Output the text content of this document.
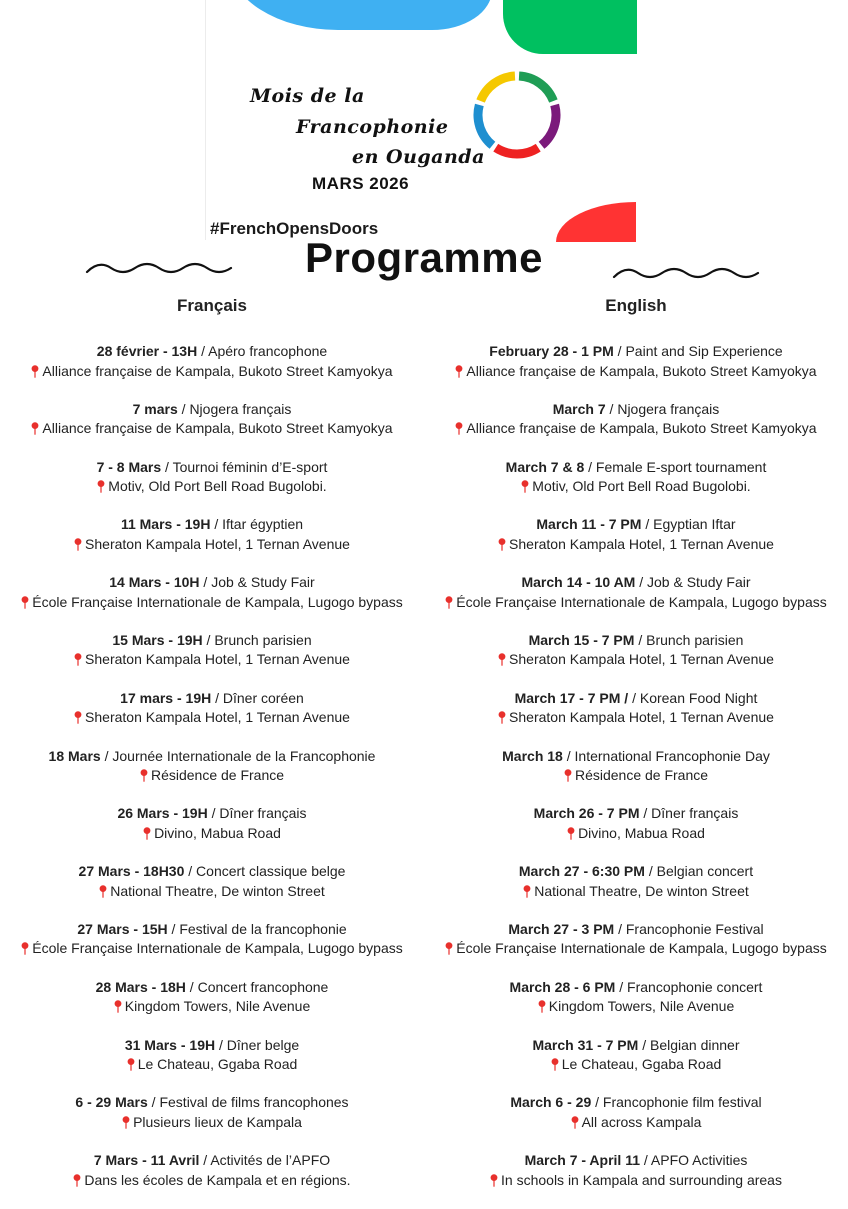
Mois de la
Francophonie
en Ouganda
MARS 2026
#FrenchOpensDoors
Programme
Français	English
28 février - 13H / Apéro francophone
Alliance française de Kampala, Bukoto Street Kamyokya
7 mars / Njogera français
Alliance française de Kampala, Bukoto Street Kamyokya
7 - 8 Mars / Tournoi féminin d’E-sport
Motiv, Old Port Bell Road Bugolobi.
11 Mars - 19H / Iftar égyptien
Sheraton Kampala Hotel, 1 Ternan Avenue
14 Mars - 10H / Job & Study Fair
École Française Internationale de Kampala, Lugogo bypass
15 Mars - 19H / Brunch parisien
Sheraton Kampala Hotel, 1 Ternan Avenue
17 mars - 19H / Dîner coréen
Sheraton Kampala Hotel, 1 Ternan Avenue
18 Mars / Journée Internationale de la Francophonie
Résidence de France
26 Mars - 19H / Dîner français
Divino, Mabua Road
27 Mars - 18H30 / Concert classique belge
National Theatre, De winton Street
27 Mars - 15H / Festival de la francophonie
École Française Internationale de Kampala, Lugogo bypass
28 Mars - 18H / Concert francophone
Kingdom Towers, Nile Avenue
31 Mars - 19H / Dîner belge
Le Chateau, Ggaba Road
6 - 29 Mars / Festival de films francophones
Plusieurs lieux de Kampala
7 Mars - 11 Avril / Activités de l’APFO
Dans les écoles de Kampala et en régions.
February 28 - 1 PM / Paint and Sip Experience
Alliance française de Kampala, Bukoto Street Kamyokya
March 7 / Njogera français
Alliance française de Kampala, Bukoto Street Kamyokya
March 7 & 8 / Female E-sport tournament
Motiv, Old Port Bell Road Bugolobi.
March 11 - 7 PM / Egyptian Iftar
Sheraton Kampala Hotel, 1 Ternan Avenue
March 14 - 10 AM / Job & Study Fair
École Française Internationale de Kampala, Lugogo bypass
March 15 - 7 PM / Brunch parisien
Sheraton Kampala Hotel, 1 Ternan Avenue
March 17 - 7 PM / / Korean Food Night
Sheraton Kampala Hotel, 1 Ternan Avenue
March 18 / International Francophonie Day
Résidence de France
March 26 - 7 PM / Dîner français
Divino, Mabua Road
March 27 - 6:30 PM / Belgian concert
National Theatre, De winton Street
March 27 - 3 PM / Francophonie Festival
École Française Internationale de Kampala, Lugogo bypass
March 28 - 6 PM / Francophonie concert
Kingdom Towers, Nile Avenue
March 31 - 7 PM / Belgian dinner
Le Chateau, Ggaba Road
March 6 - 29 / Francophonie film festival
All across Kampala
March 7 - April 11 / APFO Activities
In schools in Kampala and surrounding areas
